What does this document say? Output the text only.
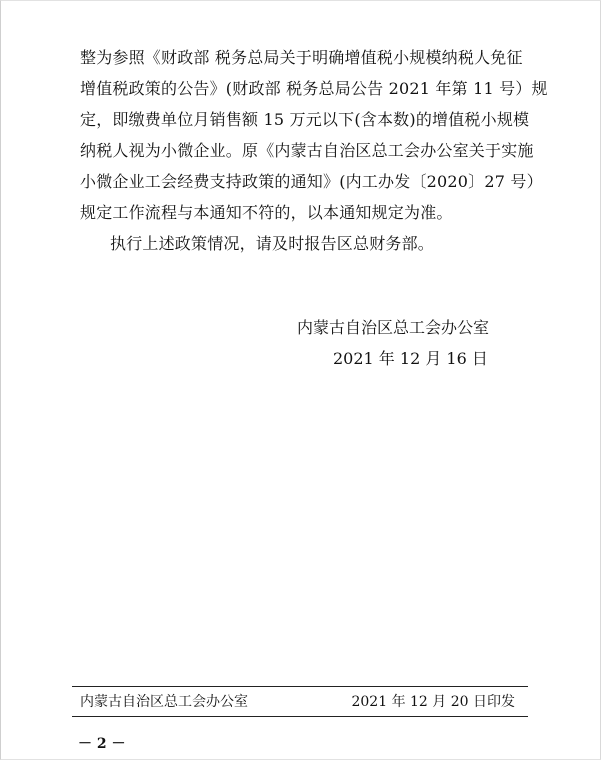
整为参照《财政部 税务总局关于明确增值税小规模纳税人免征
增值税政策的公告》(财政部 税务总局公告 2021 年第 11 号）规
定，即缴费单位月销售额 15 万元以下(含本数)的增值税小规模
纳税人视为小微企业。原《内蒙古自治区总工会办公室关于实施
小微企业工会经费支持政策的通知》(内工办发〔2020〕27 号）
规定工作流程与本通知不符的，以本通知规定为准。
执行上述政策情况，请及时报告区总财务部。
内蒙古自治区总工会办公室
2021 年 12 月 16 日
内蒙古自治区总工会办公室	2021 年 12 月 20 日印发
－ 2 －
